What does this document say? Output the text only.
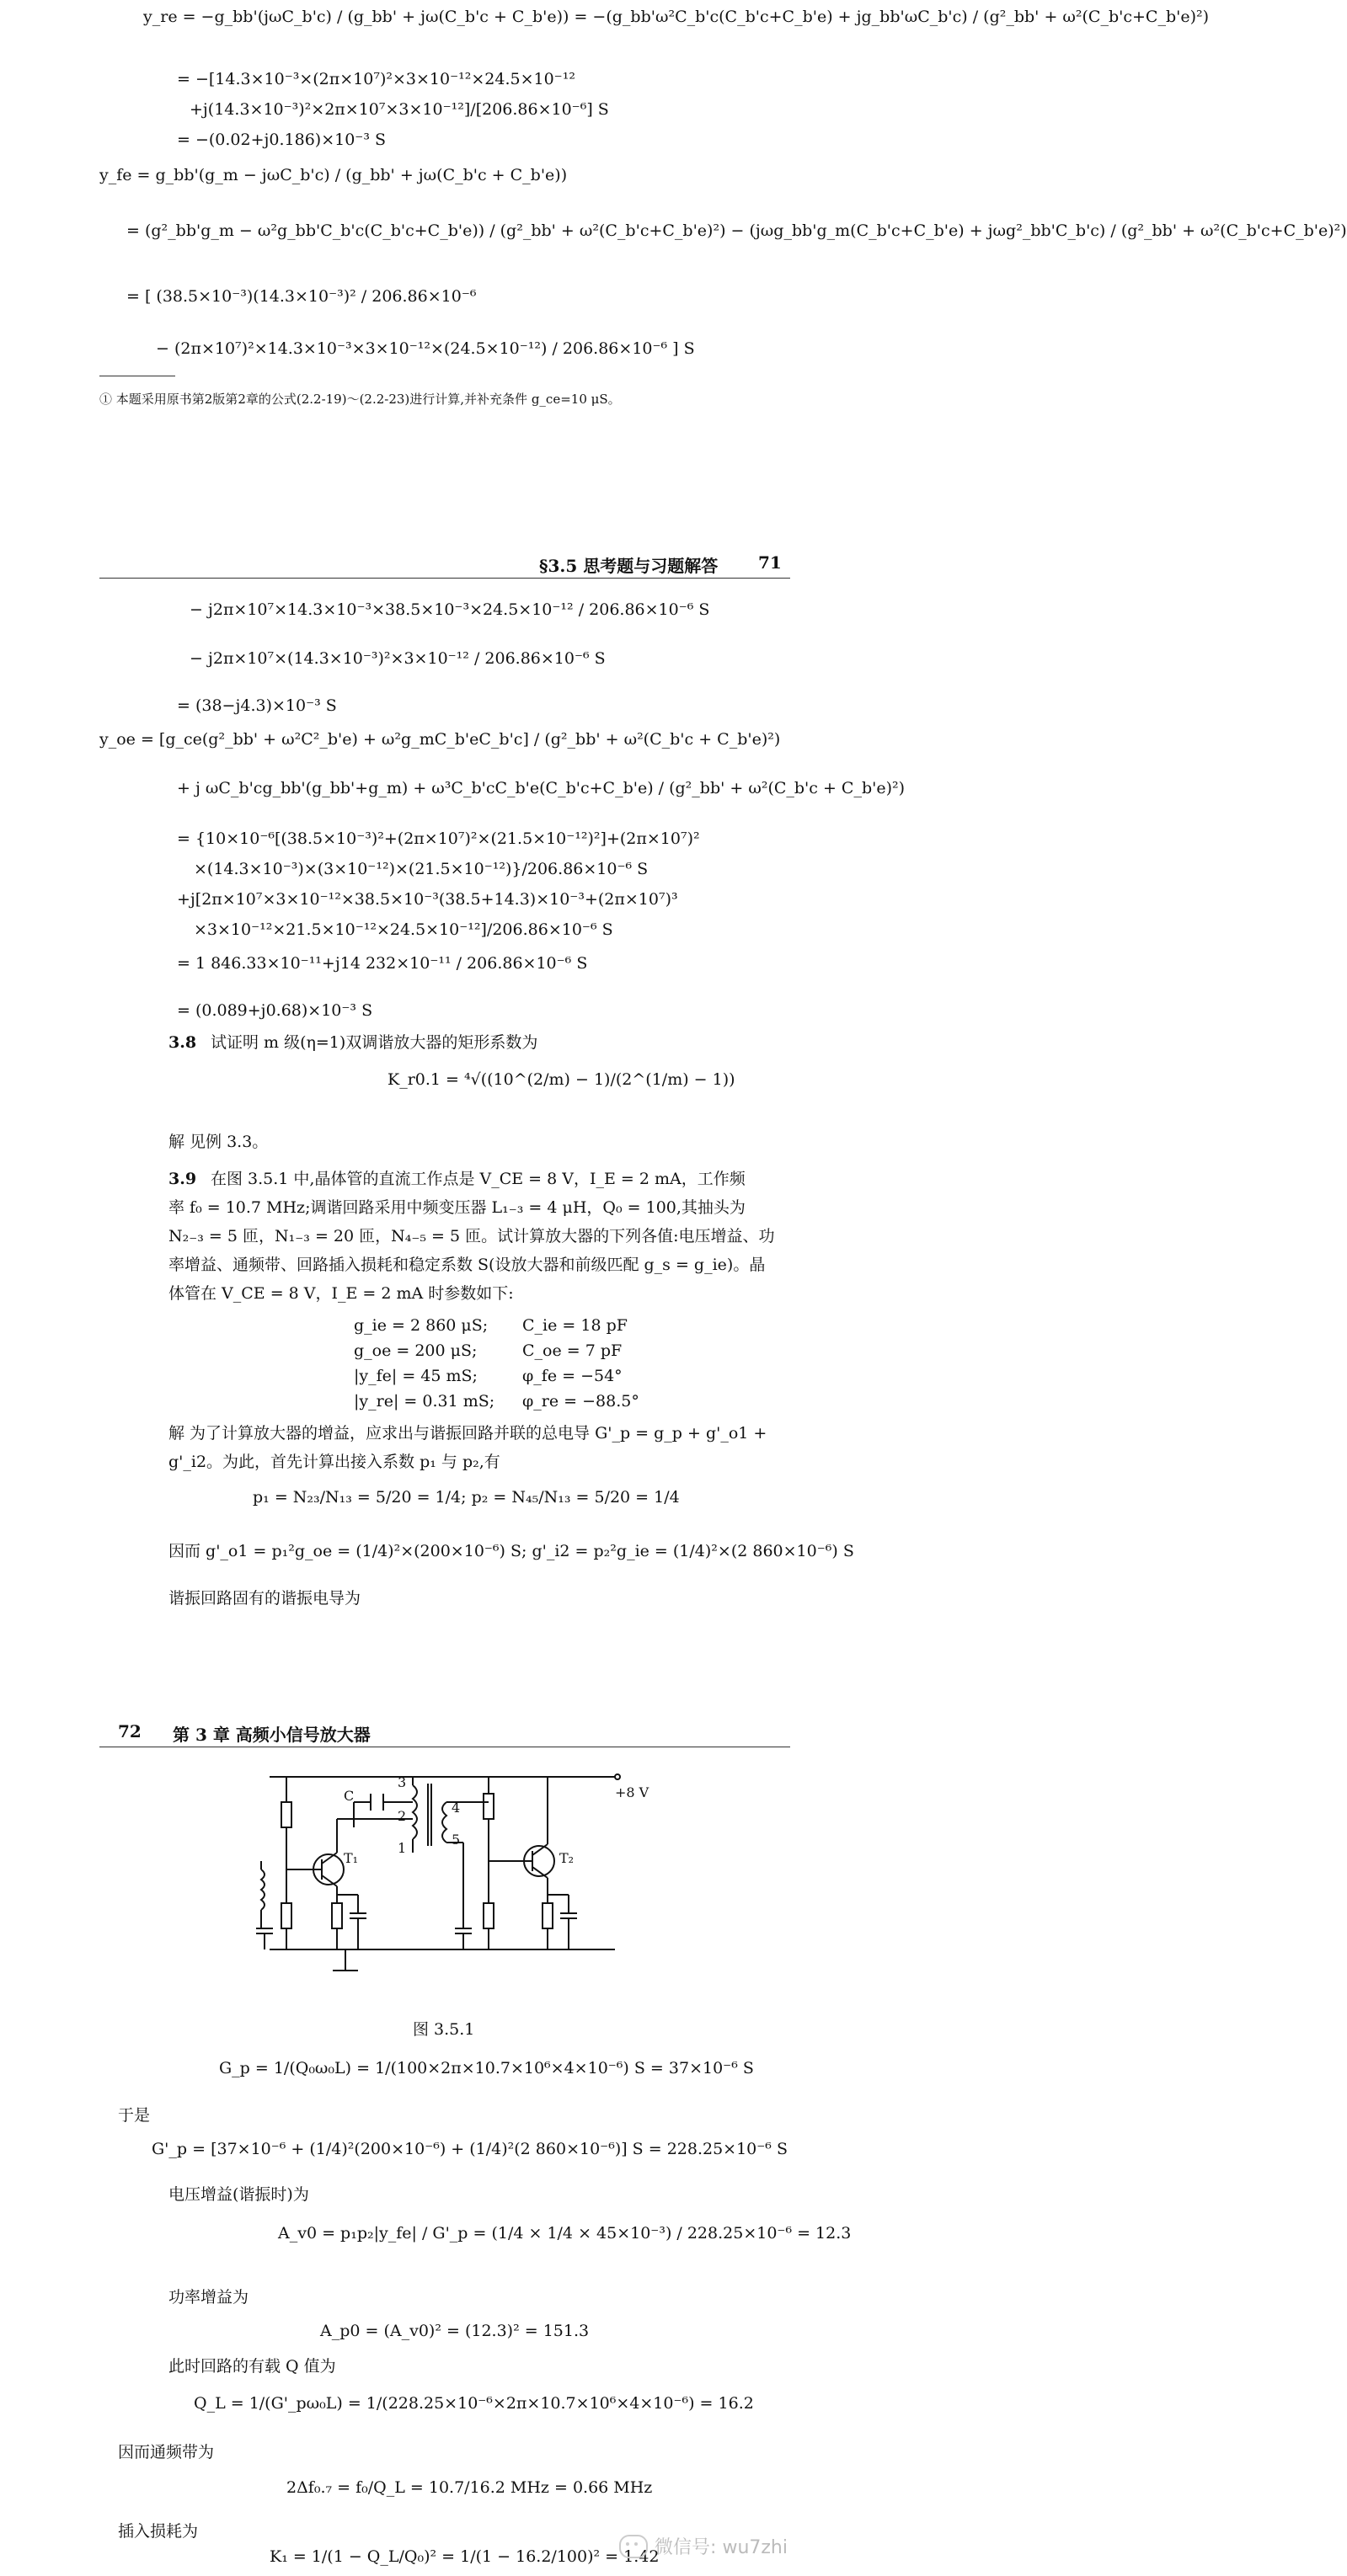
y_re = −g_bb'(jωC_b'c) / (g_bb' + jω(C_b'c + C_b'e)) = −(g_bb'ω²C_b'c(C_b'c+C_b'e) + jg_bb'ωC_b'c) / (g²_bb' + ω²(C_b'c+C_b'e)²)
= −[14.3×10⁻³×(2π×10⁷)²×3×10⁻¹²×24.5×10⁻¹²
+j(14.3×10⁻³)²×2π×10⁷×3×10⁻¹²]/[206.86×10⁻⁶] S
= −(0.02+j0.186)×10⁻³ S
y_fe = g_bb'(g_m − jωC_b'c) / (g_bb' + jω(C_b'c + C_b'e))
= (g²_bb'g_m − ω²g_bb'C_b'c(C_b'c+C_b'e)) / (g²_bb' + ω²(C_b'c+C_b'e)²) − (jωg_bb'g_m(C_b'c+C_b'e) + jωg²_bb'C_b'c) / (g²_bb' + ω²(C_b'c+C_b'e)²)
= [ (38.5×10⁻³)(14.3×10⁻³)² / 206.86×10⁻⁶
− (2π×10⁷)²×14.3×10⁻³×3×10⁻¹²×(24.5×10⁻¹²) / 206.86×10⁻⁶ ] S
① 本题采用原书第2版第2章的公式(2.2-19)～(2.2-23)进行计算,并补充条件 g_ce=10 μS。
§3.5 思考题与习题解答 71
− j2π×10⁷×14.3×10⁻³×38.5×10⁻³×24.5×10⁻¹² / 206.86×10⁻⁶ S
− j2π×10⁷×(14.3×10⁻³)²×3×10⁻¹² / 206.86×10⁻⁶ S
= (38−j4.3)×10⁻³ S
y_oe = [g_ce(g²_bb' + ω²C²_b'e) + ω²g_mC_b'eC_b'c] / (g²_bb' + ω²(C_b'c + C_b'e)²)
+ j ωC_b'cg_bb'(g_bb'+g_m) + ω³C_b'cC_b'e(C_b'c+C_b'e) / (g²_bb' + ω²(C_b'c + C_b'e)²)
= {10×10⁻⁶[(38.5×10⁻³)²+(2π×10⁷)²×(21.5×10⁻¹²)²]+(2π×10⁷)²
×(14.3×10⁻³)×(3×10⁻¹²)×(21.5×10⁻¹²)}/206.86×10⁻⁶ S
+j[2π×10⁷×3×10⁻¹²×38.5×10⁻³(38.5+14.3)×10⁻³+(2π×10⁷)³
×3×10⁻¹²×21.5×10⁻¹²×24.5×10⁻¹²]/206.86×10⁻⁶ S
= 1 846.33×10⁻¹¹+j14 232×10⁻¹¹ / 206.86×10⁻⁶ S
= (0.089+j0.68)×10⁻³ S
3.8 试证明 m 级(η=1)双调谐放大器的矩形系数为
K_r0.1 = ⁴√((10^(2/m) − 1)/(2^(1/m) − 1))
解 见例 3.3。
3.9 在图 3.5.1 中,晶体管的直流工作点是 V_CE = 8 V，I_E = 2 mA，工作频
率 f₀ = 10.7 MHz;调谐回路采用中频变压器 L₁₋₃ = 4 μH，Q₀ = 100,其抽头为
N₂₋₃ = 5 匝，N₁₋₃ = 20 匝，N₄₋₅ = 5 匝。试计算放大器的下列各值:电压增益、功
率增益、通频带、回路插入损耗和稳定系数 S(设放大器和前级匹配 g_s = g_ie)。晶
体管在 V_CE = 8 V，I_E = 2 mA 时参数如下:
g_ie = 2 860 μS; C_ie = 18 pF
g_oe = 200 μS;	C_oe = 7 pF
|y_fe| = 45 mS;	φ_fe = −54°
|y_re| = 0.31 mS; φ_re = −88.5°
解 为了计算放大器的增益，应求出与谐振回路并联的总电导 G'_p = g_p + g'_o1 +
g'_i2。为此，首先计算出接入系数 p₁ 与 p₂,有
p₁ = N₂₃/N₁₃ = 5/20 = 1/4; p₂ = N₄₅/N₁₃ = 5/20 = 1/4
因而 g'_o1 = p₁²g_oe = (1/4)²×(200×10⁻⁶) S; g'_i2 = p₂²g_ie = (1/4)²×(2 860×10⁻⁶) S
谐振回路固有的谐振电导为
72 第 3 章 高频小信号放大器
+8 V
T₁	T₂
C
3
2
1
4
5
图 3.5.1
G_p = 1/(Q₀ω₀L) = 1/(100×2π×10.7×10⁶×4×10⁻⁶) S = 37×10⁻⁶ S
于是
G'_p = [37×10⁻⁶ + (1/4)²(200×10⁻⁶) + (1/4)²(2 860×10⁻⁶)] S = 228.25×10⁻⁶ S
电压增益(谐振时)为
A_v0 = p₁p₂|y_fe| / G'_p = (1/4 × 1/4 × 45×10⁻³) / 228.25×10⁻⁶ = 12.3
功率增益为
A_p0 = (A_v0)² = (12.3)² = 151.3
此时回路的有载 Q 值为
Q_L = 1/(G'_pω₀L) = 1/(228.25×10⁻⁶×2π×10.7×10⁶×4×10⁻⁶) = 16.2
因而通频带为
2Δf₀.₇ = f₀/Q_L = 10.7/16.2 MHz = 0.66 MHz
插入损耗为
K₁ = 1/(1 − Q_L/Q₀)² = 1/(1 − 16.2/100)² = 1.42
微信号: wu7zhi
